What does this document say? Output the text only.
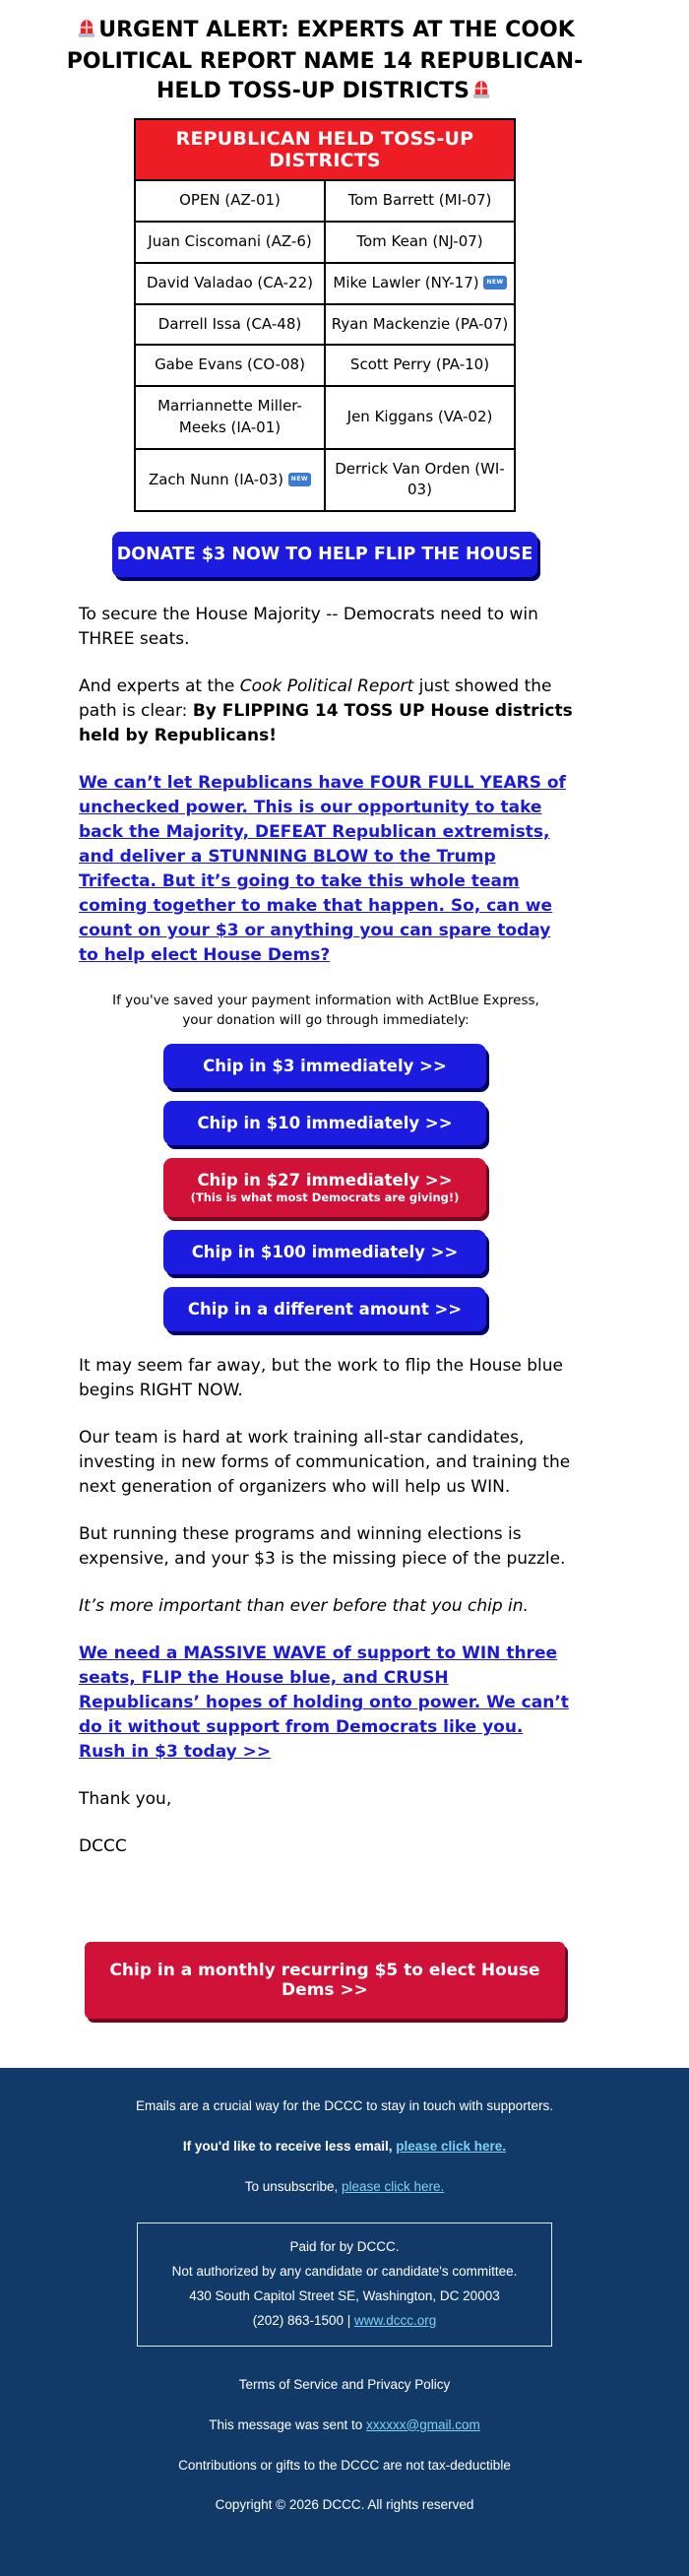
URGENT ALERT: EXPERTS AT THE COOK POLITICAL REPORT NAME 14 REPUBLICAN-HELD TOSS-UP DISTRICTS
REPUBLICAN HELD TOSS-UP DISTRICTS	
OPEN (AZ-01)	Tom Barrett (MI-07)
Juan Ciscomani (AZ-6)	Tom Kean (NJ-07)
David Valadao (CA-22)	Mike Lawler (NY-17) NEW
Darrell Issa (CA-48)	Ryan Mackenzie (PA-07)
Gabe Evans (CO-08)	Scott Perry (PA-10)
Marriannette Miller-Meeks (IA-01)	Jen Kiggans (VA-02)
Zach Nunn (IA-03) NEW	Derrick Van Orden (WI-03)
DONATE $3 NOW TO HELP FLIP THE HOUSE

To secure the House Majority -- Democrats need to win THREE seats.

And experts at the Cook Political Report just showed the path is clear: By FLIPPING 14 TOSS UP House districts held by Republicans!

We can’t let Republicans have FOUR FULL YEARS of unchecked power. This is our opportunity to take back the Majority, DEFEAT Republican extremists, and deliver a STUNNING BLOW to the Trump Trifecta. But it’s going to take this whole team coming together to make that happen. So, can we count on your $3 or anything you can spare today to help elect House Dems?
If you've saved your payment information with ActBlue Express,
your donation will go through immediately:
Chip in $3 immediately >>
Chip in $10 immediately >>
Chip in $27 immediately >>
(This is what most Democrats are giving!)
Chip in $100 immediately >>
Chip in a different amount >>

It may seem far away, but the work to flip the House blue begins RIGHT NOW.

Our team is hard at work training all-star candidates, investing in new forms of communication, and training the next generation of organizers who will help us WIN.

But running these programs and winning elections is expensive, and your $3 is the missing piece of the puzzle.

It’s more important than ever before that you chip in.

We need a MASSIVE WAVE of support to WIN three seats, FLIP the House blue, and CRUSH Republicans’ hopes of holding onto power. We can’t do it without support from Democrats like you. Rush in $3 today >>

Thank you,

DCCC

Chip in a monthly recurring $5 to elect House Dems >>
Emails are a crucial way for the DCCC to stay in touch with supporters.
If you'd like to receive less email, please click here.
To unsubscribe, please click here.
Paid for by DCCC.
Not authorized by any candidate or candidate's committee.
430 South Capitol Street SE, Washington, DC 20003
(202) 863-1500 | www.dccc.org
Terms of Service and Privacy Policy
This message was sent to xxxxxx@gmail.com
Contributions or gifts to the DCCC are not tax-deductible
Copyright © 2026 DCCC. All rights reserved
